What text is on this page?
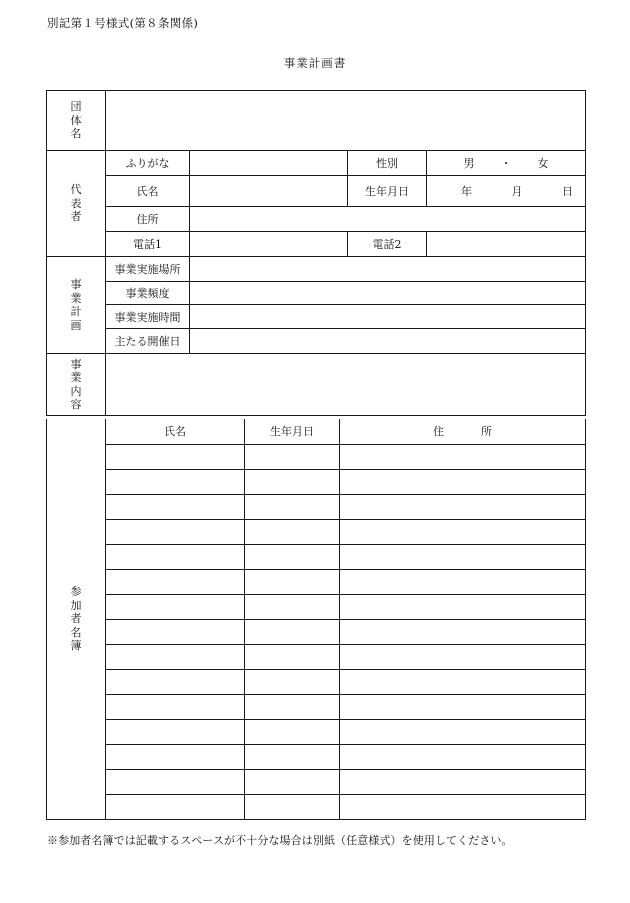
別記第１号様式(第８条関係)
事業計画書
団体名				
代表者	ふりがな		性別	男 ・ 女

	氏名		生年月日	年 月 日

	住所			
	電話1		電話2	
事業計画	事業実施場所			
	事業頻度			
	事業実施時間			
	主たる開催日			
事業内容				
参加者名簿	氏名	生年月日	住 所

※参加者名簿では記載するスペースが不十分な場合は別紙（任意様式）を使用してください。
